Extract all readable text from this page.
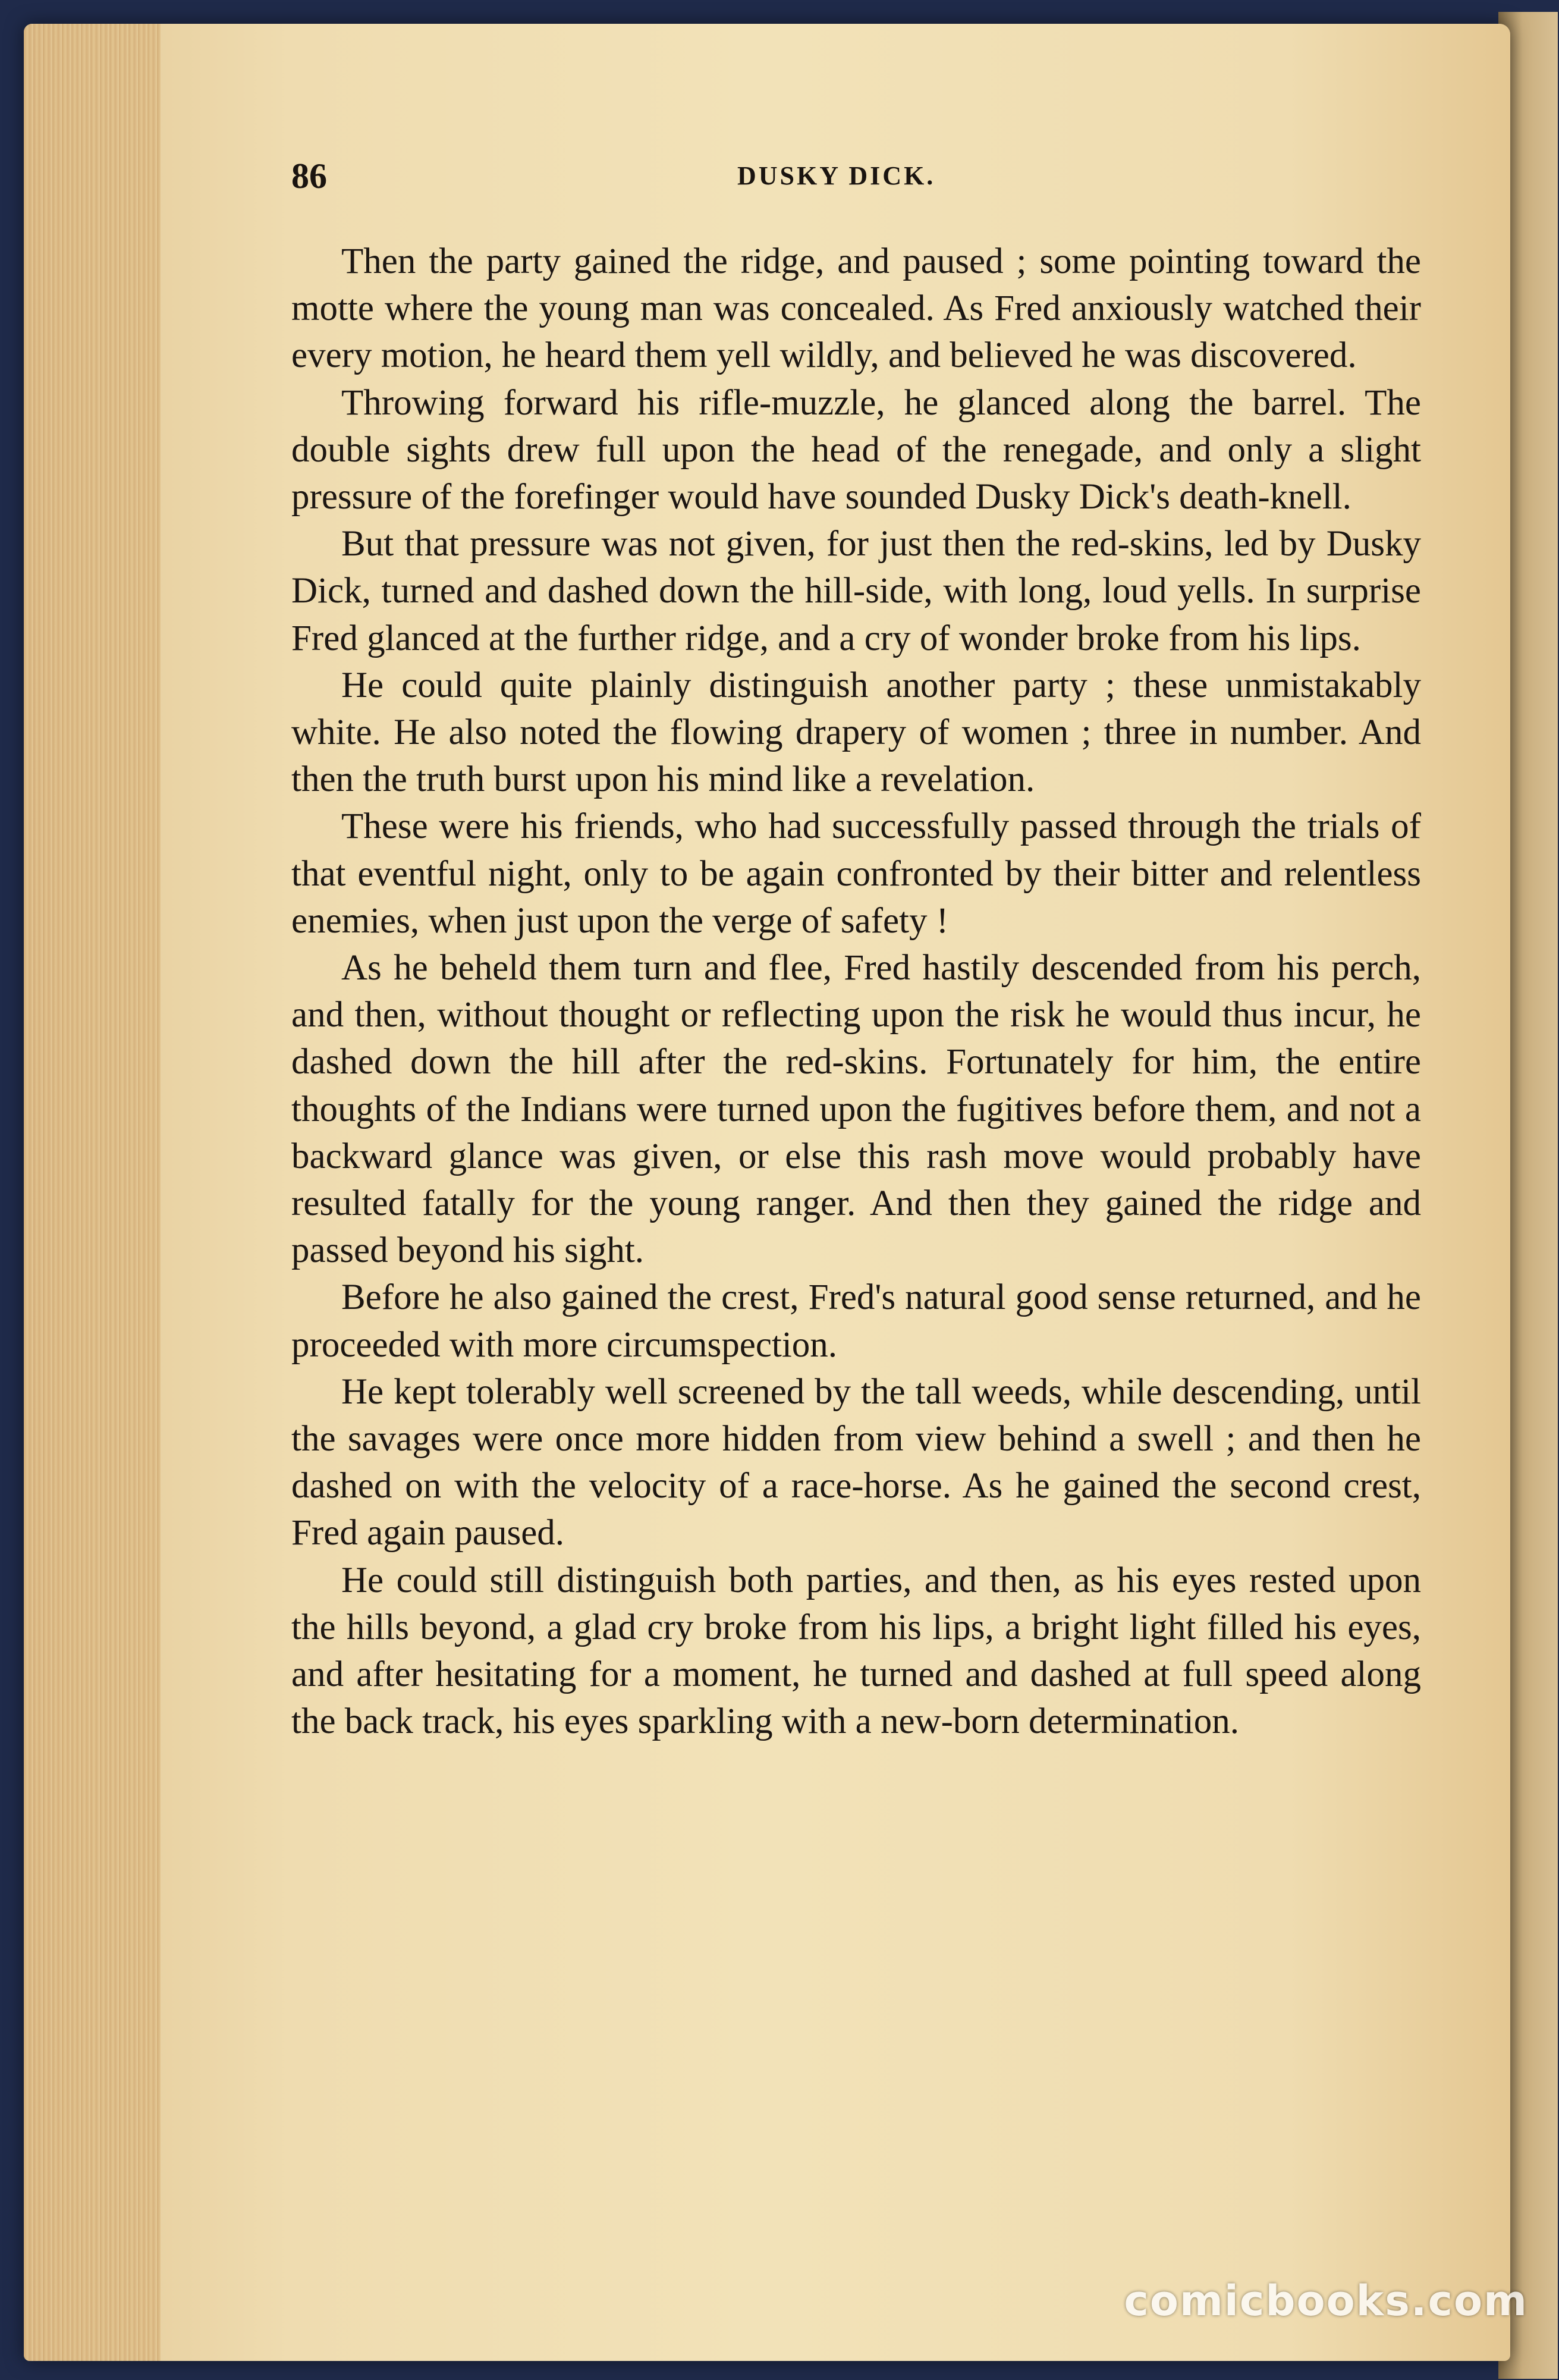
86	DUSKY DICK.

Then the party gained the ridge, and paused ; some pointing toward the motte where the young man was concealed. As Fred anxiously watched their every motion, he heard them yell wildly, and believed he was discovered.

Throwing forward his rifle-muzzle, he glanced along the barrel. The double sights drew full upon the head of the renegade, and only a slight pressure of the forefinger would have sounded Dusky Dick's death-knell.

But that pressure was not given, for just then the red-skins, led by Dusky Dick, turned and dashed down the hill-side, with long, loud yells. In surprise Fred glanced at the further ridge, and a cry of wonder broke from his lips.

He could quite plainly distinguish another party ; these unmistakably white. He also noted the flowing drapery of women ; three in number. And then the truth burst upon his mind like a revelation.

These were his friends, who had successfully passed through the trials of that eventful night, only to be again confronted by their bitter and relentless enemies, when just upon the verge of safety !

As he beheld them turn and flee, Fred hastily descended from his perch, and then, without thought or reflecting upon the risk he would thus incur, he dashed down the hill after the red-skins. Fortunately for him, the entire thoughts of the Indians were turned upon the fugitives before them, and not a backward glance was given, or else this rash move would probably have resulted fatally for the young ranger. And then they gained the ridge and passed beyond his sight.

Before he also gained the crest, Fred's natural good sense returned, and he proceeded with more circumspection.

He kept tolerably well screened by the tall weeds, while descending, until the savages were once more hidden from view behind a swell ; and then he dashed on with the velocity of a race-horse. As he gained the second crest, Fred again paused.

He could still distinguish both parties, and then, as his eyes rested upon the hills beyond, a glad cry broke from his lips, a bright light filled his eyes, and after hesitating for a moment, he turned and dashed at full speed along the back track, his eyes sparkling with a new-born determination.

comicbooks.com
